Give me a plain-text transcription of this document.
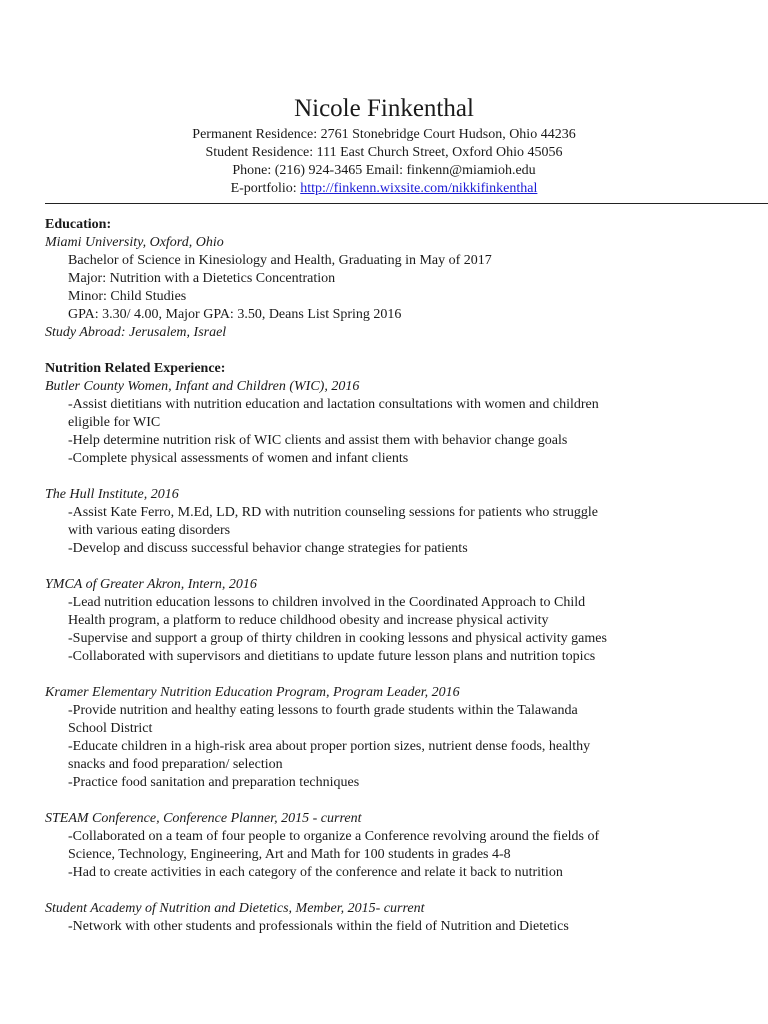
Nicole Finkenthal
Permanent Residence: 2761 Stonebridge Court Hudson, Ohio 44236
Student Residence: 111 East Church Street, Oxford Ohio 45056
Phone: (216) 924-3465 Email: finkenn@miamioh.edu
E-portfolio: http://finkenn.wixsite.com/nikkifinkenthal
Education:
Miami University, Oxford, Ohio
Bachelor of Science in Kinesiology and Health, Graduating in May of 2017
Major: Nutrition with a Dietetics Concentration
Minor: Child Studies
GPA: 3.30/ 4.00, Major GPA: 3.50, Deans List Spring 2016
Study Abroad: Jerusalem, Israel
Nutrition Related Experience:
Butler County Women, Infant and Children (WIC), 2016
-Assist dietitians with nutrition education and lactation consultations with women and children
eligible for WIC
-Help determine nutrition risk of WIC clients and assist them with behavior change goals
-Complete physical assessments of women and infant clients
The Hull Institute, 2016
-Assist Kate Ferro, M.Ed, LD, RD with nutrition counseling sessions for patients who struggle
with various eating disorders
-Develop and discuss successful behavior change strategies for patients
YMCA of Greater Akron, Intern, 2016
-Lead nutrition education lessons to children involved in the Coordinated Approach to Child
Health program, a platform to reduce childhood obesity and increase physical activity
-Supervise and support a group of thirty children in cooking lessons and physical activity games
-Collaborated with supervisors and dietitians to update future lesson plans and nutrition topics
Kramer Elementary Nutrition Education Program, Program Leader, 2016
-Provide nutrition and healthy eating lessons to fourth grade students within the Talawanda
School District
-Educate children in a high-risk area about proper portion sizes, nutrient dense foods, healthy
snacks and food preparation/ selection
-Practice food sanitation and preparation techniques
STEAM Conference, Conference Planner, 2015 - current
-Collaborated on a team of four people to organize a Conference revolving around the fields of
Science, Technology, Engineering, Art and Math for 100 students in grades 4-8
-Had to create activities in each category of the conference and relate it back to nutrition
Student Academy of Nutrition and Dietetics, Member, 2015- current
-Network with other students and professionals within the field of Nutrition and Dietetics
